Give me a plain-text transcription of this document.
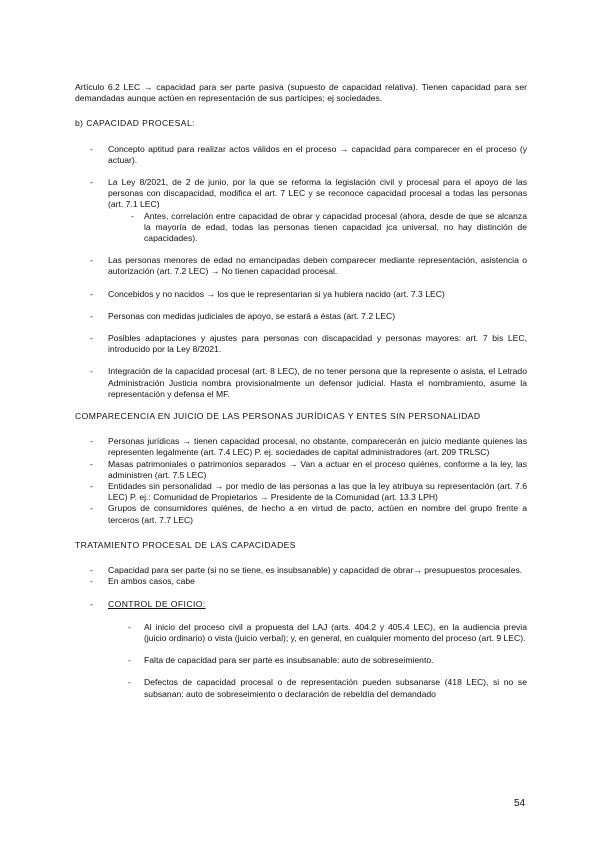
Artículo 6.2 LEC → capacidad para ser parte pasiva (supuesto de capacidad relativa). Tienen capacidad para ser demandadas aunque actúen en representación de sus partícipes; ej sociedades.

b) CAPACIDAD PROCESAL:

- Concepto aptitud para realizar actos válidos en el proceso → capacidad para comparecer en el proceso (y actuar).
- La Ley 8/2021, de 2 de junio, por la que se reforma la legislación civil y procesal para el apoyo de las personas con discapacidad, modifica el art. 7 LEC y se reconoce capacidad procesal a todas las personas (art. 7.1 LEC)
- Antes, correlación entre capacidad de obrar y capacidad procesal (ahora, desde de que se alcanza la mayoría de edad, todas las personas tienen capacidad jca universal, no hay distinción de capacidades).
- Las personas menores de edad no emancipadas deben comparecer mediante representación, asistencia o autorización (art. 7.2 LEC) → No tienen capacidad procesal.
- Concebidos y no nacidos → los que le representarian si ya hubiera nacido (art. 7.3 LEC)
- Personas con medidas judiciales de apoyo, se estará a éstas (art. 7.2 LEC)
- Posibles adaptaciones y ajustes para personas con discapacidad y personas mayores: art. 7 bis LEC, introducido por la Ley 8/2021.
- Integración de la capacidad procesal (art. 8 LEC), de no tener persona que la represente o asista, el Letrado Administración Justicia nombra provisionalmente un defensor judicial. Hasta el nombramiento, asume la representación y defensa el MF.

COMPARECENCIA EN JUICIO DE LAS PERSONAS JURÍDICAS Y ENTES SIN PERSONALIDAD

- Personas jurídicas → tienen capacidad procesal, no obstante, comparecerán en juicio mediante quienes las representen legalmente (art. 7.4 LEC) P. ej. sociedades de capital administradores (art. 209 TRLSC)
- Masas patrimoniales o patrimonios separados → Van a actuar en el proceso quiénes, conforme a la ley, las administren (art. 7.5 LEC)
- Entidades sin personalidad → por medio de las personas a las que la ley atribuya su representación (art. 7.6 LEC) P. ej.: Comunidad de Propietarios → Presidente de la Comunidad (art. 13.3 LPH)
- Grupos de consumidores quiénes, de hecho a en virtud de pacto, actúen en nombre del grupo frente a terceros (art. 7.7 LEC)

TRATAMIENTO PROCESAL DE LAS CAPACIDADES

- Capacidad para ser parte (si no se tiene, es insubsanable) y capacidad de obrar→ presupuestos procesales.
- En ambos casos, cabe
- CONTROL DE OFICIO:
- Al inicio del proceso civil a propuesta del LAJ (arts. 404.2 y 405.4 LEC), en la audiencia previa (juicio ordinario) o vista (juicio verbal); y, en general, en cualquier momento del proceso (art. 9 LEC).
- Falta de capacidad para ser parte es insubsanable: auto de sobreseimiento.
- Defectos de capacidad procesal o de representación pueden subsanarse (418 LEC), si no se subsanan: auto de sobreseimiento o declaración de rebeldía del demandado
54
